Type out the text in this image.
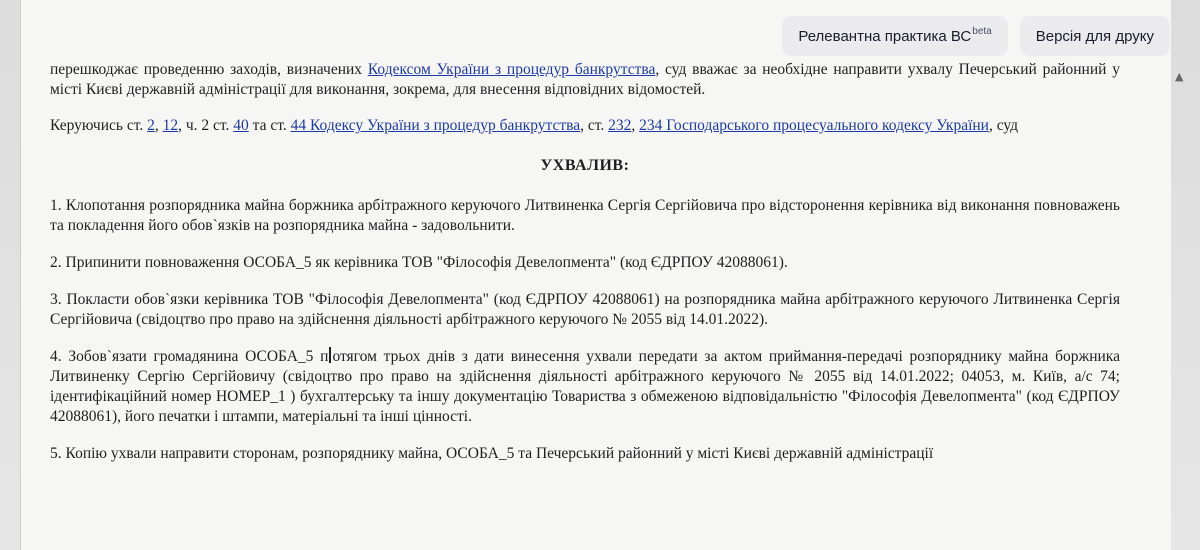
Релевантна практика $ВС^{beta}$	Версія для друку
▲

перешкоджає проведенню заходів, визначених Кодексом України з процедур банкрутства, суд вважає за необхідне направити ухвалу Печерський районний у місті Києві державній адміністрації для виконання, зокрема, для внесення відповідних відомостей.

Керуючись ст. 2, 12, ч. 2 ст. 40 та ст. 44 Кодексу України з процедур банкрутства, ст. 232, 234 Господарського процесуального кодексу України, суд

УХВАЛИВ:

1. Клопотання розпорядника майна боржника арбітражного керуючого Литвиненка Сергія Сергійовича про відсторонення керівника від виконання повноважень та покладення його обов`язків на розпорядника майна - задовольнити.

2. Припинити повноваження ОСОБА_5 як керівника ТОВ "Філософія Девелопмента" (код ЄДРПОУ 42088061).

3. Покласти обов`язки керівника ТОВ "Філософія Девелопмента" (код ЄДРПОУ 42088061) на розпорядника майна арбітражного керуючого Литвиненка Сергія Сергійовича (свідоцтво про право на здійснення діяльності арбітражного керуючого № 2055 від 14.01.2022).

4. Зобов`язати громадянина ОСОБА_5 п отягом трьох днів з дати винесення ухвали передати за актом приймання-передачі розпоряднику майна боржника Литвиненку Сергію Сергійовичу (свідоцтво про право на здійснення діяльності арбітражного керуючого № 2055 від 14.01.2022; 04053, м. Київ, а/с 74; ідентифікаційний номер НОМЕР_1 ) бухгалтерську та іншу документацію Товариства з обмеженою відповідальністю "Філософія Девелопмента" (код ЄДРПОУ 42088061), його печатки і штампи, матеріальні та інші цінності.

5. Копію ухвали направити сторонам, розпоряднику майна, ОСОБА_5 та Печерський районний у місті Києві державній адміністрації
